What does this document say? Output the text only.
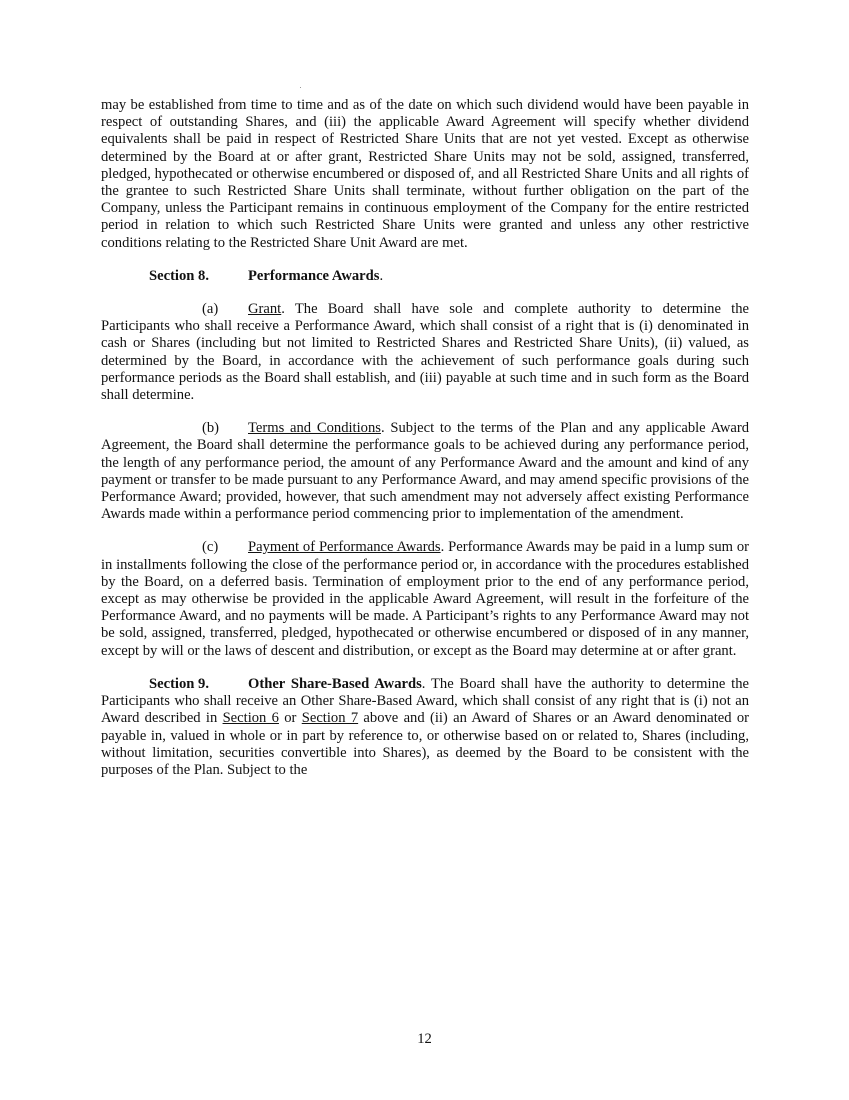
may be established from time to time and as of the date on which such dividend would have been payable in respect of outstanding Shares, and (iii) the applicable Award Agreement will specify whether dividend equivalents shall be paid in respect of Restricted Share Units that are not yet vested. Except as otherwise determined by the Board at or after grant, Restricted Share Units may not be sold, assigned, transferred, pledged, hypothecated or otherwise encumbered or disposed of, and all Restricted Share Units and all rights of the grantee to such Restricted Share Units shall terminate, without further obligation on the part of the Company, unless the Participant remains in continuous employment of the Company for the entire restricted period in relation to which such Restricted Share Units were granted and unless any other restrictive conditions relating to the Restricted Share Unit Award are met.

Section 8.	Performance Awards.

(a) Grant. The Board shall have sole and complete authority to determine the Participants who shall receive a Performance Award, which shall consist of a right that is (i) denominated in cash or Shares (including but not limited to Restricted Shares and Restricted Share Units), (ii) valued, as determined by the Board, in accordance with the achievement of such performance goals during such performance periods as the Board shall establish, and (iii) payable at such time and in such form as the Board shall determine.

(b) Terms and Conditions. Subject to the terms of the Plan and any applicable Award Agreement, the Board shall determine the performance goals to be achieved during any performance period, the length of any performance period, the amount of any Performance Award and the amount and kind of any payment or transfer to be made pursuant to any Performance Award, and may amend specific provisions of the Performance Award; provided, however, that such amendment may not adversely affect existing Performance Awards made within a performance period commencing prior to implementation of the amendment.

(c) Payment of Performance Awards. Performance Awards may be paid in a lump sum or in installments following the close of the performance period or, in accordance with the procedures established by the Board, on a deferred basis. Termination of employment prior to the end of any performance period, except as may otherwise be provided in the applicable Award Agreement, will result in the forfeiture of the Performance Award, and no payments will be made. A Participant’s rights to any Performance Award may not be sold, assigned, transferred, pledged, hypothecated or otherwise encumbered or disposed of in any manner, except by will or the laws of descent and distribution, or except as the Board may determine at or after grant.

Section 9.	Other Share-Based Awards. The Board shall have the authority to determine the Participants who shall receive an Other Share-Based Award, which shall consist of any right that is (i) not an Award described in Section 6 or Section 7 above and (ii) an Award of Shares or an Award denominated or payable in, valued in whole or in part by reference to, or otherwise based on or related to, Shares (including, without limitation, securities convertible into Shares), as deemed by the Board to be consistent with the purposes of the Plan. Subject to the

12
